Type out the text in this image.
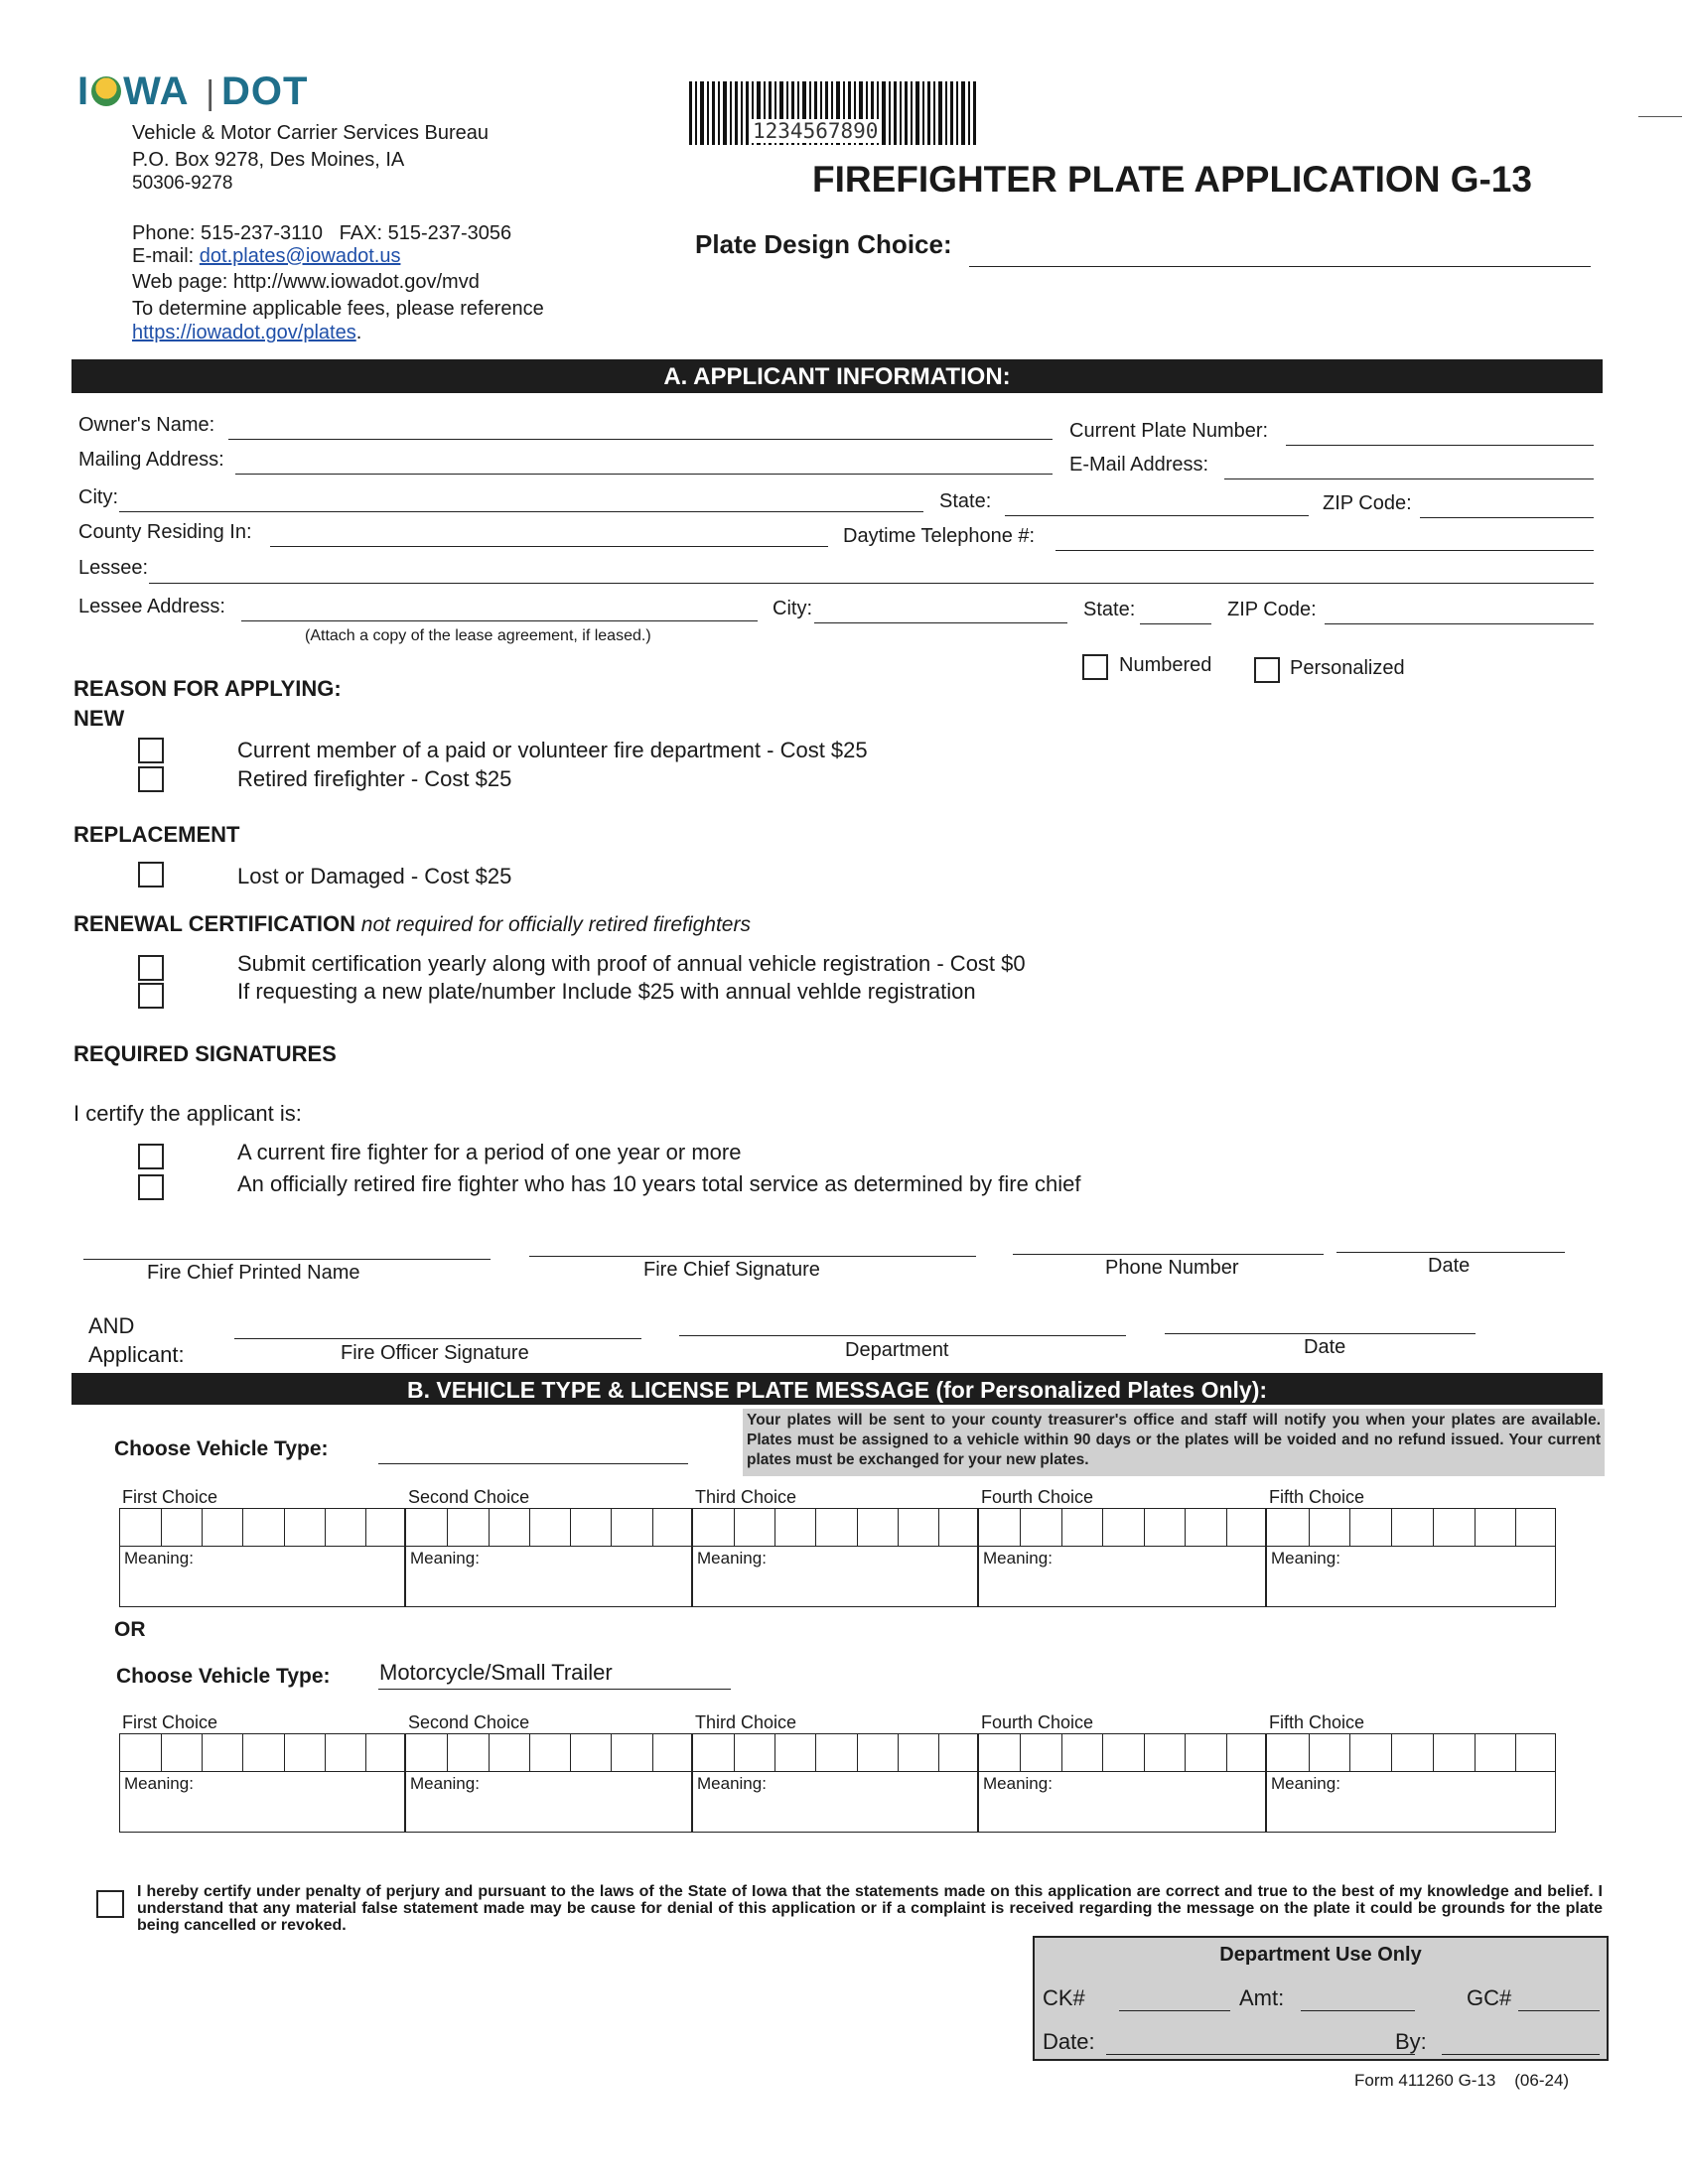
I WA | DOT
Vehicle & Motor Carrier Services Bureau
P.O. Box 9278, Des Moines, IA
50306-9278
Phone: 515-237-3110   FAX: 515-237-3056
E-mail: dot.plates@iowadot.us
Web page: http://www.iowadot.gov/mvd
To determine applicable fees, please reference
https://iowadot.gov/plates.
1234567890
FIREFIGHTER PLATE APPLICATION G-13
Plate Design Choice:
A. APPLICANT INFORMATION:
Owner's Name:	Current Plate Number:
Mailing Address:	E-Mail Address:
City:	State:	ZIP Code:
County Residing In:	Daytime Telephone #:
Lessee:
Lessee Address:	City:	State:	ZIP Code:
(Attach a copy of the lease agreement, if leased.)
Numbered	Personalized
REASON FOR APPLYING:
NEW
Current member of a paid or volunteer fire department - Cost $25
Retired firefighter - Cost $25
REPLACEMENT
Lost or Damaged - Cost $25
RENEWAL CERTIFICATION not required for officially retired firefighters
Submit certification yearly along with proof of annual vehicle registration - Cost $0
If requesting a new plate/number Include $25 with annual vehlde registration
REQUIRED SIGNATURES
I certify the applicant is:
A current fire fighter for a period of one year or more
An officially retired fire fighter who has 10 years total service as determined by fire chief
Fire Chief Printed Name	Fire Chief Signature	Phone Number	Date
AND
Applicant:	Fire Officer Signature	Department	Date
B. VEHICLE TYPE & LICENSE PLATE MESSAGE (for Personalized Plates Only):
Your plates will be sent to your county treasurer's office and staff will notify you when your plates are available. Plates must be assigned to a vehicle within 90 days or the plates will be voided and no refund issued. Your current plates must be exchanged for your new plates.
Choose Vehicle Type:
First Choice
Meaning:
Second Choice
Meaning:
Third Choice
Meaning:
Fourth Choice
Meaning:
Fifth Choice
Meaning:
OR
Choose Vehicle Type: Motorcycle/Small Trailer
First Choice
Meaning:
Second Choice
Meaning:
Third Choice
Meaning:
Fourth Choice
Meaning:
Fifth Choice
Meaning:
I hereby certify under penalty of perjury and pursuant to the laws of the State of Iowa that the statements made on this application are correct and true to the best of my knowledge and belief. I understand that any material false statement made may be cause for denial of this application or if a complaint is received regarding the message on the plate it could be grounds for the plate being cancelled or revoked.
Department Use Only
CK#	Amt:	GC#
Date:	By:
Form 411260 G-13    (06-24)
